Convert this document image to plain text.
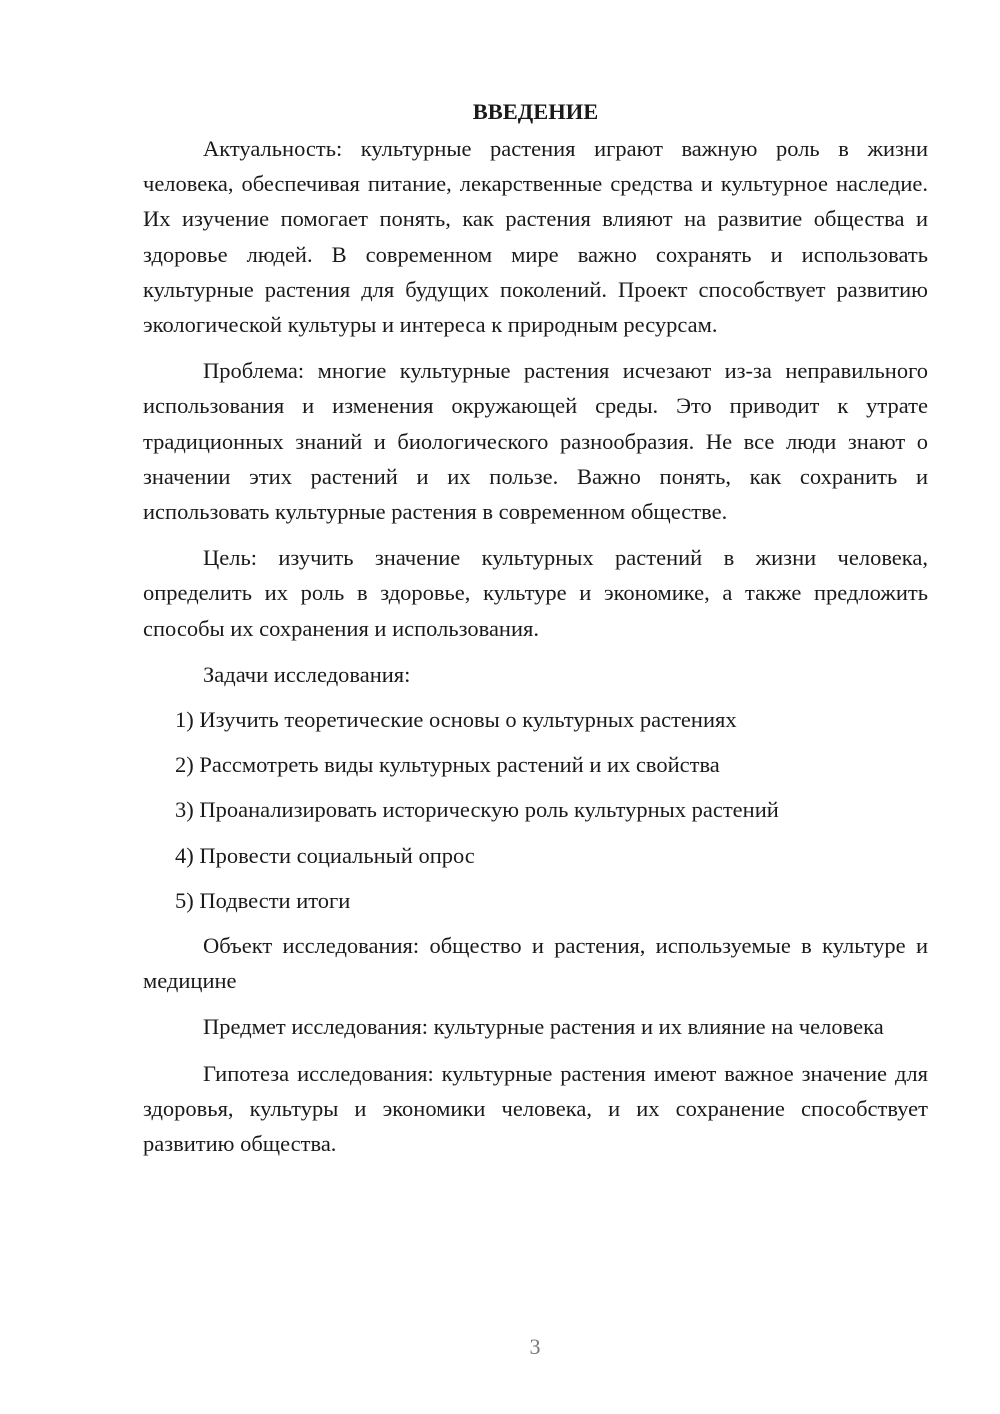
ВВЕДЕНИЕ

Актуальность: культурные растения играют важную роль в жизни человека, обеспечивая питание, лекарственные средства и культурное наследие. Их изучение помогает понять, как растения влияют на развитие общества и здоровье людей. В современном мире важно сохранять и использовать культурные растения для будущих поколений. Проект способствует развитию экологической культуры и интереса к природным ресурсам.

Проблема: многие культурные растения исчезают из-за неправильного использования и изменения окружающей среды. Это приводит к утрате традиционных знаний и биологического разнообразия. Не все люди знают о значении этих растений и их пользе. Важно понять, как сохранить и использовать культурные растения в современном обществе.

Цель: изучить значение культурных растений в жизни человека, определить их роль в здоровье, культуре и экономике, а также предложить способы их сохранения и использования.

Задачи исследования:

1) Изучить теоретические основы о культурных растениях
2) Рассмотреть виды культурных растений и их свойства
3) Проанализировать историческую роль культурных растений
4) Провести социальный опрос
5) Подвести итоги

Объект исследования: общество и растения, используемые в культуре и медицине

Предмет исследования: культурные растения и их влияние на человека

Гипотеза исследования: культурные растения имеют важное значение для здоровья, культуры и экономики человека, и их сохранение способствует развитию общества.

3
